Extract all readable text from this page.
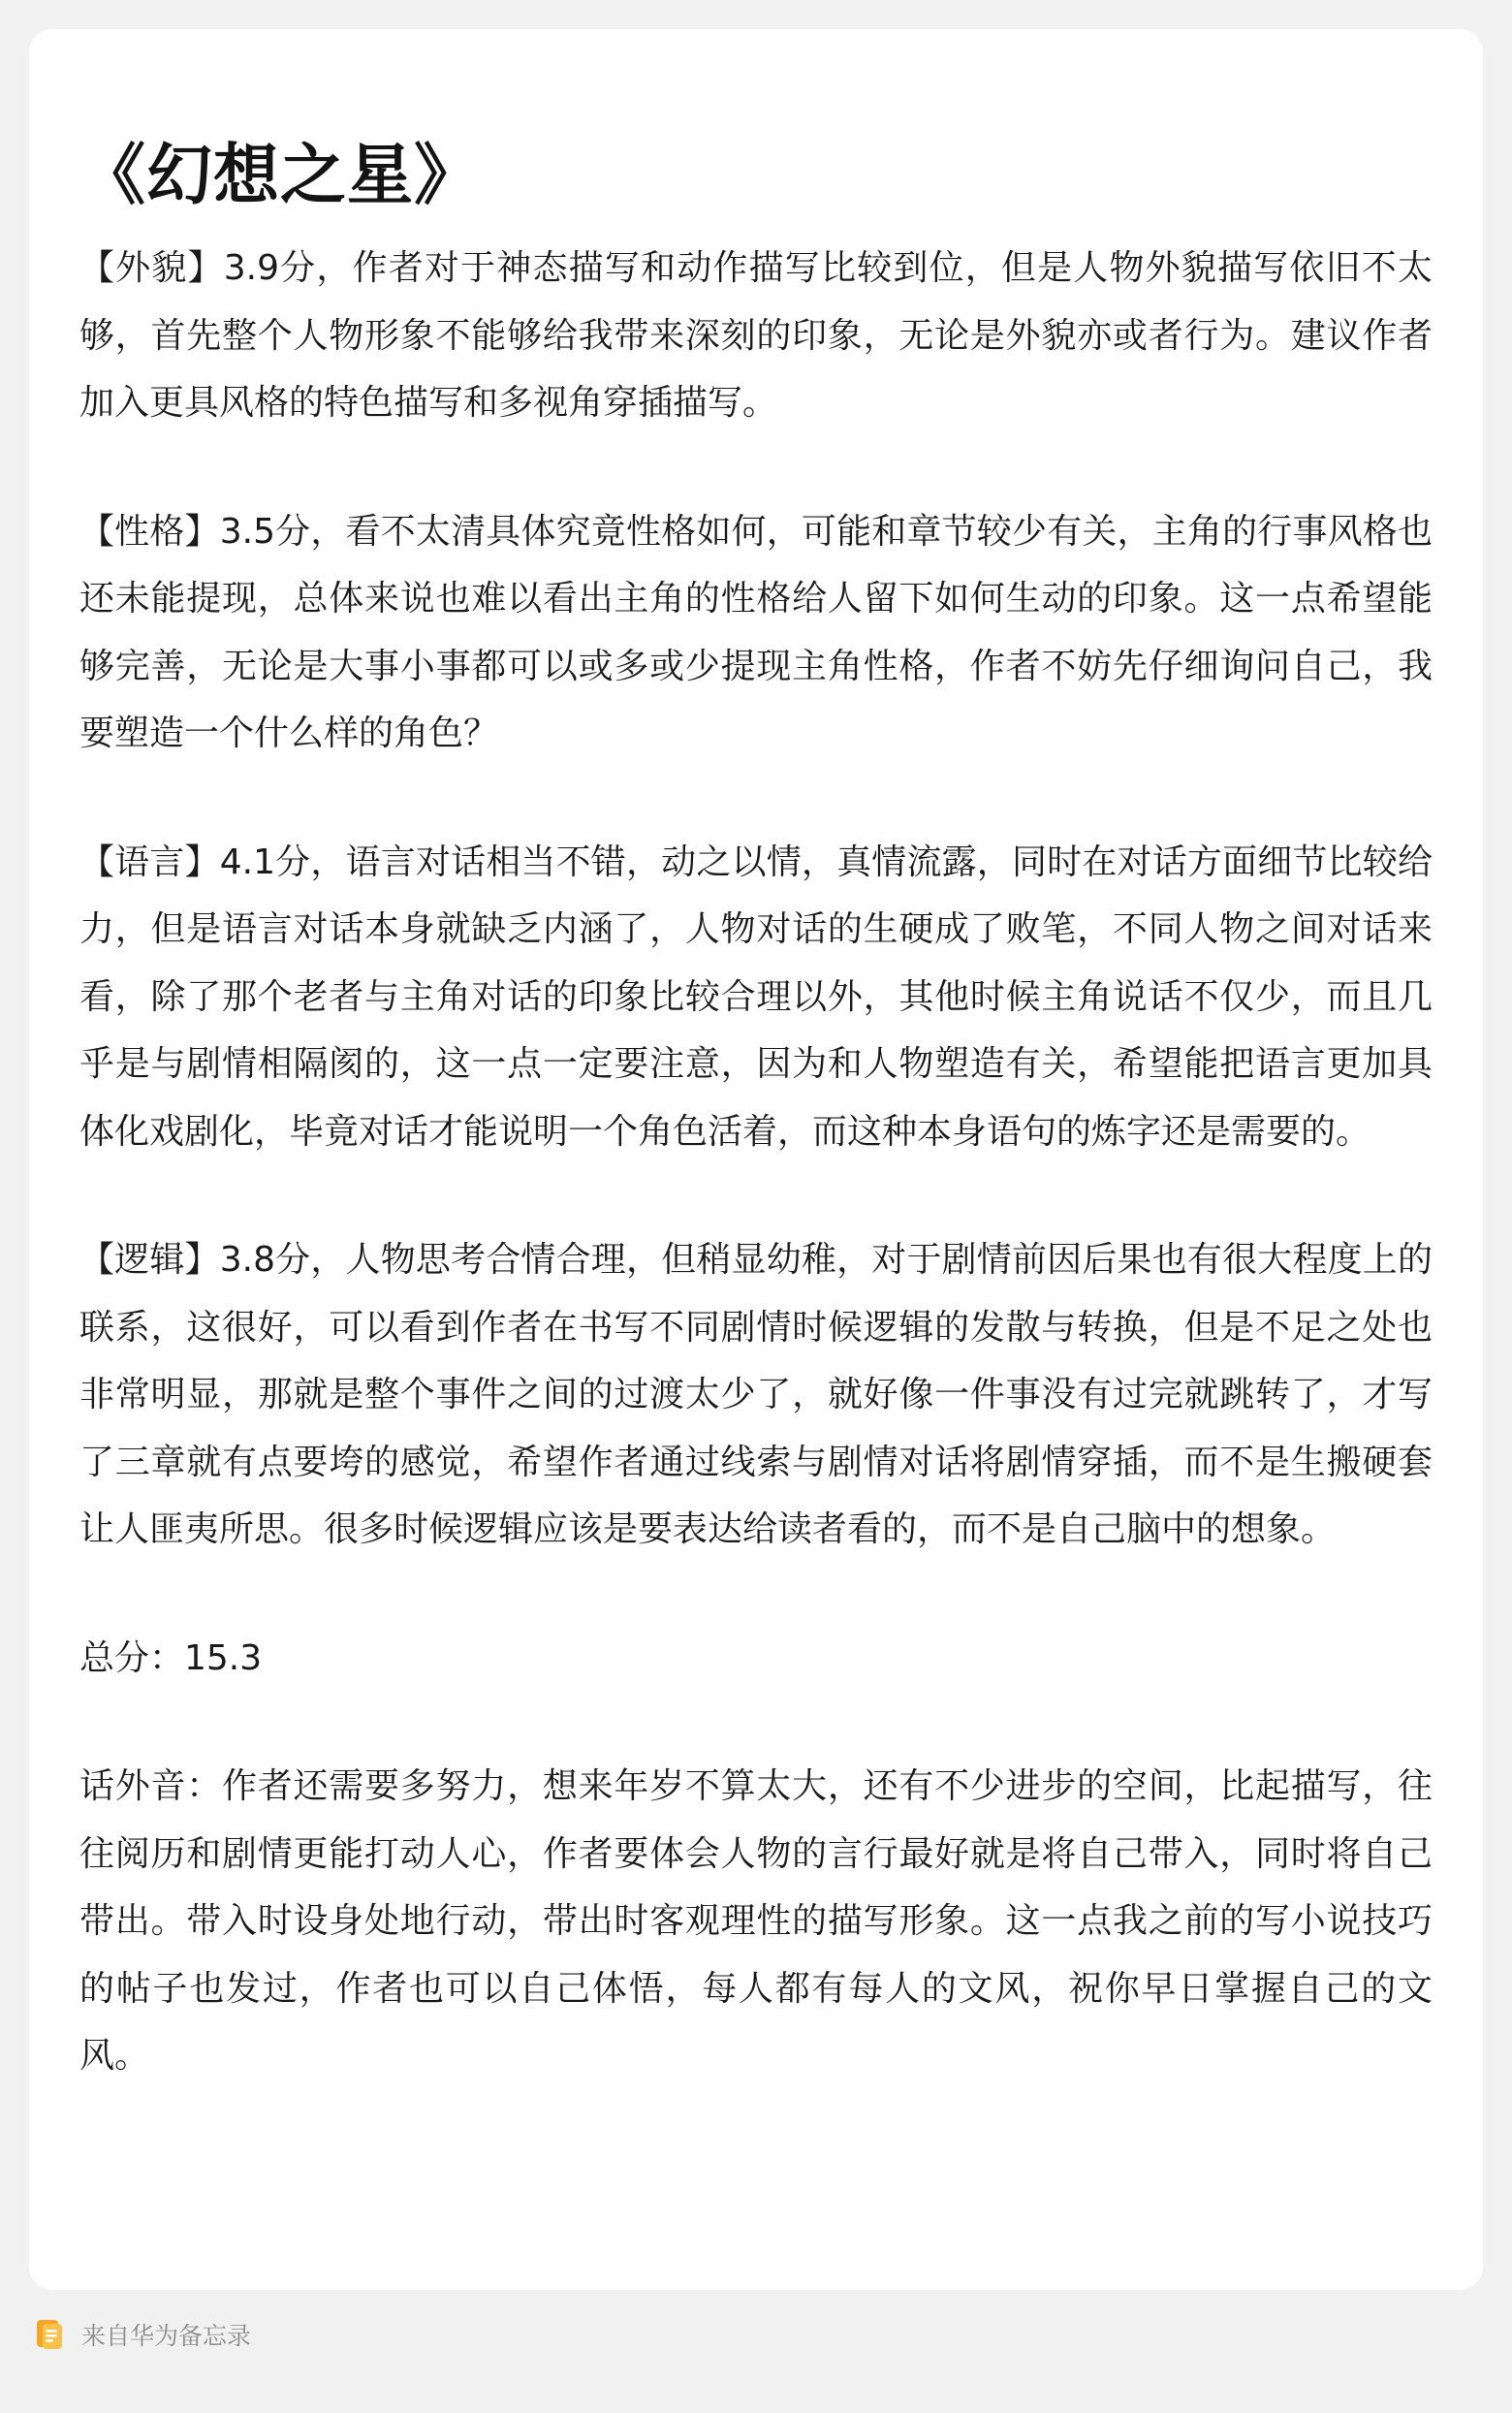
《幻想之星》

【外貌】3.9分，作者对于神态描写和动作描写比较到位，但是人物外貌描写依旧不太够，首先整个人物形象不能够给我带来深刻的印象，无论是外貌亦或者行为。建议作者加入更具风格的特色描写和多视角穿插描写。

【性格】3.5分，看不太清具体究竟性格如何，可能和章节较少有关，主角的行事风格也还未能提现，总体来说也难以看出主角的性格给人留下如何生动的印象。这一点希望能够完善，无论是大事小事都可以或多或少提现主角性格，作者不妨先仔细询问自己，我要塑造一个什么样的角色？

【语言】4.1分，语言对话相当不错，动之以情，真情流露，同时在对话方面细节比较给力，但是语言对话本身就缺乏内涵了，人物对话的生硬成了败笔，不同人物之间对话来看，除了那个老者与主角对话的印象比较合理以外，其他时候主角说话不仅少，而且几乎是与剧情相隔阂的，这一点一定要注意，因为和人物塑造有关，希望能把语言更加具体化戏剧化，毕竟对话才能说明一个角色活着，而这种本身语句的炼字还是需要的。

【逻辑】3.8分，人物思考合情合理，但稍显幼稚，对于剧情前因后果也有很大程度上的联系，这很好，可以看到作者在书写不同剧情时候逻辑的发散与转换，但是不足之处也非常明显，那就是整个事件之间的过渡太少了，就好像一件事没有过完就跳转了，才写了三章就有点要垮的感觉，希望作者通过线索与剧情对话将剧情穿插，而不是生搬硬套让人匪夷所思。很多时候逻辑应该是要表达给读者看的，而不是自己脑中的想象。

总分：15.3

话外音：作者还需要多努力，想来年岁不算太大，还有不少进步的空间，比起描写，往往阅历和剧情更能打动人心，作者要体会人物的言行最好就是将自己带入，同时将自己带出。带入时设身处地行动，带出时客观理性的描写形象。这一点我之前的写小说技巧的帖子也发过，作者也可以自己体悟，每人都有每人的文风，祝你早日掌握自己的文风。

来自华为备忘录
